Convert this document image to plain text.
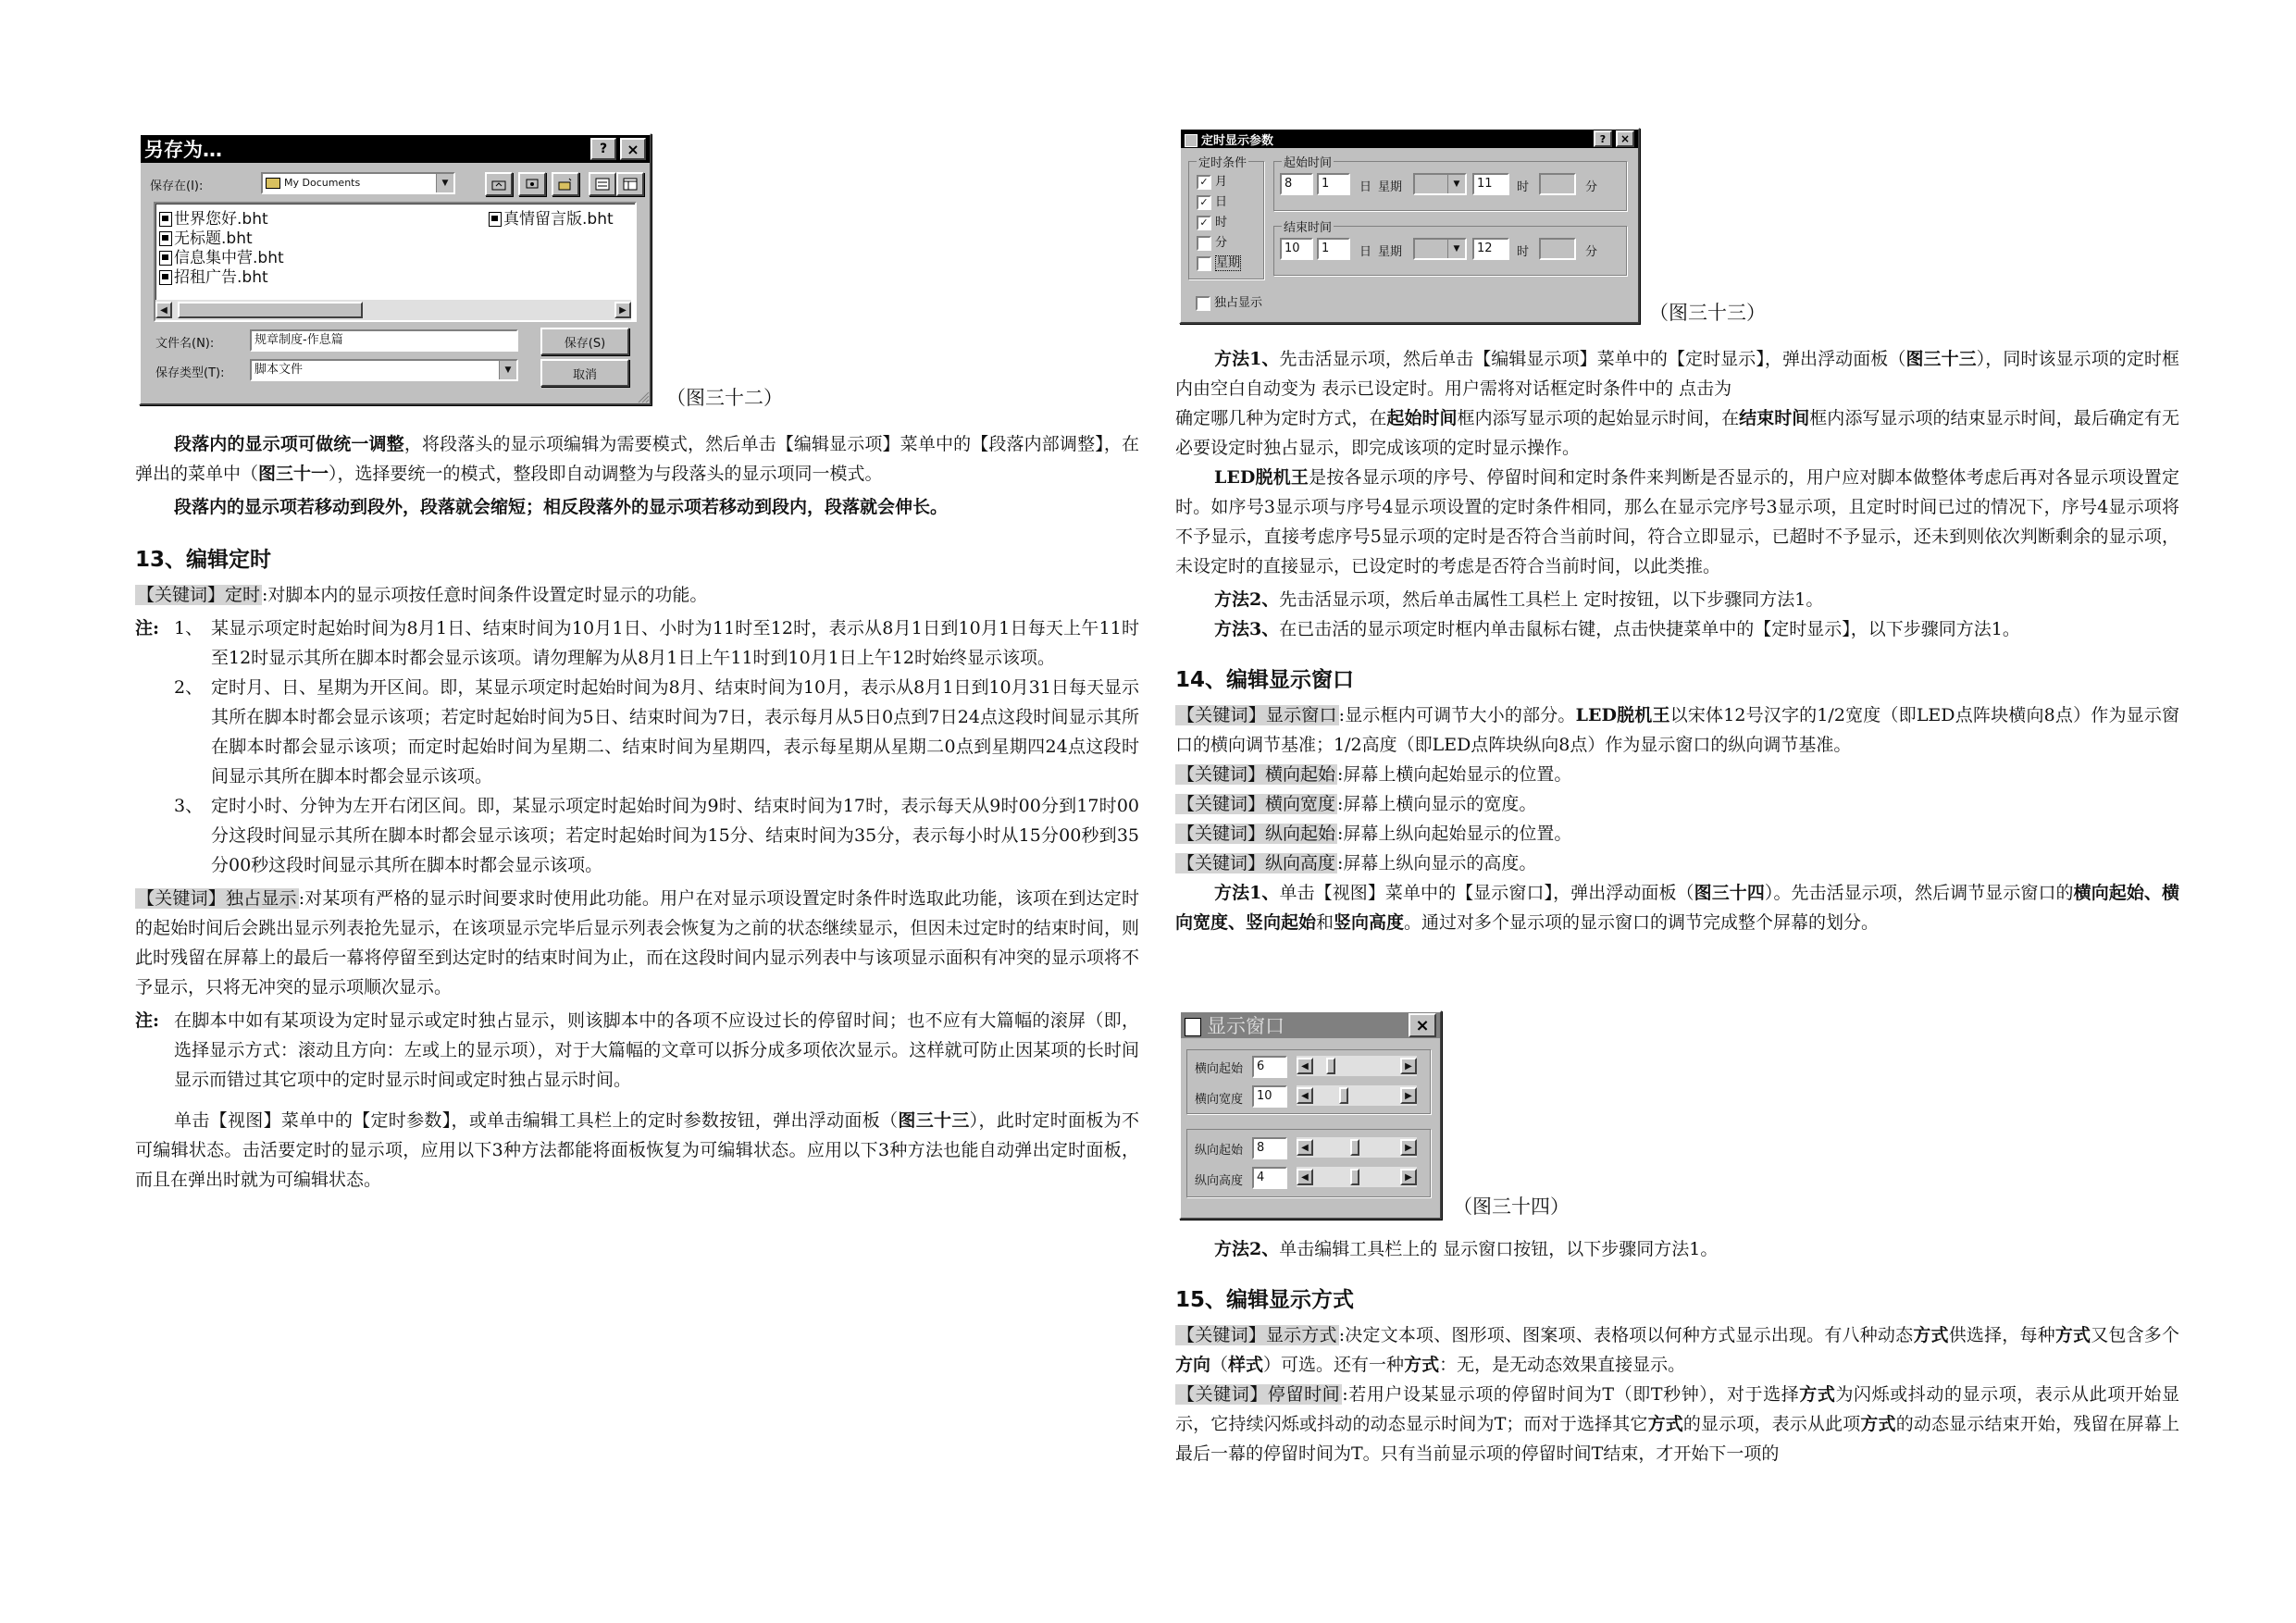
另存为…	?	×
保存在(I):	My Documents	▼
世界您好.bht
无标题.bht
信息集中营.bht
招租广告.bht
真情留言版.bht
◀	▶
文件名(N):	规章制度-作息篇
保存类型(T):	脚本文件	▼
保存(S)
取消
（图三十二）

段落内的显示项可做统一调整，将段落头的显示项编辑为需要模式，然后单击【编辑显示项】菜单中的【段落内部调整】，在弹出的菜单中（图三十一），选择要统一的模式，整段即自动调整为与段落头的显示项同一模式。

段落内的显示项若移动到段外，段落就会缩短；相反段落外的显示项若移动到段内，段落就会伸长。

13、编辑定时

【关键词】定时 :对脚本内的显示项按任意时间条件设置定时显示的功能。

注: 1、 某显示项定时起始时间为8月1日、结束时间为10月1日、小时为11时至12时，表示从8月1日到10月1日每天上午11时至12时显示其所在脚本时都会显示该项。请勿理解为从8月1日上午11时到10月1日上午12时始终显示该项。
2、 定时月、日、星期为开区间。即，某显示项定时起始时间为8月、结束时间为10月，表示从8月1日到10月31日每天显示其所在脚本时都会显示该项；若定时起始时间为5日、结束时间为7日，表示每月从5日0点到7日24点这段时间显示其所在脚本时都会显示该项；而定时起始时间为星期二、结束时间为星期四，表示每星期从星期二0点到星期四24点这段时间显示其所在脚本时都会显示该项。
3、 定时小时、分钟为左开右闭区间。即，某显示项定时起始时间为9时、结束时间为17时，表示每天从9时00分到17时00分这段时间显示其所在脚本时都会显示该项；若定时起始时间为15分、结束时间为35分，表示每小时从15分00秒到35分00秒这段时间显示其所在脚本时都会显示该项。

【关键词】独占显示 :对某项有严格的显示时间要求时使用此功能。用户在对显示项设置定时条件时选取此功能，该项在到达定时的起始时间后会跳出显示列表抢先显示，在该项显示完毕后显示列表会恢复为之前的状态继续显示，但因未过定时的结束时间，则此时残留在屏幕上的最后一幕将停留至到达定时的结束时间为止，而在这段时间内显示列表中与该项显示面积有冲突的显示项将不予显示，只将无冲突的显示项顺次显示。

注: 在脚本中如有某项设为定时显示或定时独占显示，则该脚本中的各项不应设过长的停留时间；也不应有大篇幅的滚屏（即，选择显示方式：滚动且方向：左或上的显示项），对于大篇幅的文章可以拆分成多项依次显示。这样就可防止因某项的长时间显示而错过其它项中的定时显示时间或定时独占显示时间。

单击【视图】菜单中的【定时参数】，或单击编辑工具栏上的定时参数按钮，弹出浮动面板（图三十三），此时定时面板为不可编辑状态。击活要定时的显示项，应用以下3种方法都能将面板恢复为可编辑状态。应用以下3种方法也能自动弹出定时面板，而且在弹出时就为可编辑状态。

定时显示参数	?	×
定时条件
✓ 月
✓ 日
✓ 时
分
星期
起始时间
8	1	日 星期	▼	11	时	分
结束时间
10	1	日 星期	▼	12	时	分
独占显示	（图三十三）

方法1、先击活显示项，然后单击【编辑显示项】菜单中的【定时显示】，弹出浮动面板（图三十三），同时该显示项的定时框内由空白自动变为 表示已设定时。用户需将对话框定时条件中的 点击为

确定哪几种为定时方式，在起始时间框内添写显示项的起始显示时间，在结束时间框内添写显示项的结束显示时间，最后确定有无必要设定时独占显示，即完成该项的定时显示操作。

LED脱机王是按各显示项的序号、停留时间和定时条件来判断是否显示的，用户应对脚本做整体考虑后再对各显示项设置定时。如序号3显示项与序号4显示项设置的定时条件相同，那么在显示完序号3显示项，且定时时间已过的情况下，序号4显示项将不予显示，直接考虑序号5显示项的定时是否符合当前时间，符合立即显示，已超时不予显示，还未到则依次判断剩余的显示项，未设定时的直接显示，已设定时的考虑是否符合当前时间，以此类推。

方法2、先击活显示项，然后单击属性工具栏上 定时按钮，以下步骤同方法1。

方法3、在已击活的显示项定时框内单击鼠标右键，点击快捷菜单中的【定时显示】，以下步骤同方法1。

14、编辑显示窗口

【关键词】显示窗口 :显示框内可调节大小的部分。LED脱机王以宋体12号汉字的1/2宽度（即LED点阵块横向8点）作为显示窗口的横向调节基准；1/2高度（即LED点阵块纵向8点）作为显示窗口的纵向调节基准。

【关键词】横向起始 :屏幕上横向起始显示的位置。

【关键词】横向宽度 :屏幕上横向显示的宽度。

【关键词】纵向起始 :屏幕上纵向起始显示的位置。

【关键词】纵向高度 :屏幕上纵向显示的高度。

方法1、单击【视图】菜单中的【显示窗口】，弹出浮动面板（图三十四）。先击活显示项，然后调节显示窗口的横向起始、横向宽度、竖向起始和竖向高度。通过对多个显示项的显示窗口的调节完成整个屏幕的划分。

显示窗口	×
横向起始	6	◀	▶
横向宽度	10	◀	▶
纵向起始	8	◀	▶
纵向高度	4	◀	▶
（图三十四）

方法2、单击编辑工具栏上的 显示窗口按钮，以下步骤同方法1。

15、编辑显示方式

【关键词】显示方式 :决定文本项、图形项、图案项、表格项以何种方式显示出现。有八种动态方式供选择，每种方式又包含多个方向（样式）可选。还有一种方式：无，是无动态效果直接显示。

【关键词】停留时间 :若用户设某显示项的停留时间为T（即T秒钟），对于选择方式为闪烁或抖动的显示项，表示从此项开始显示，它持续闪烁或抖动的动态显示时间为T；而对于选择其它方式的显示项，表示从此项方式的动态显示结束开始，残留在屏幕上最后一幕的停留时间为T。只有当前显示项的停留时间T结束，才开始下一项的
